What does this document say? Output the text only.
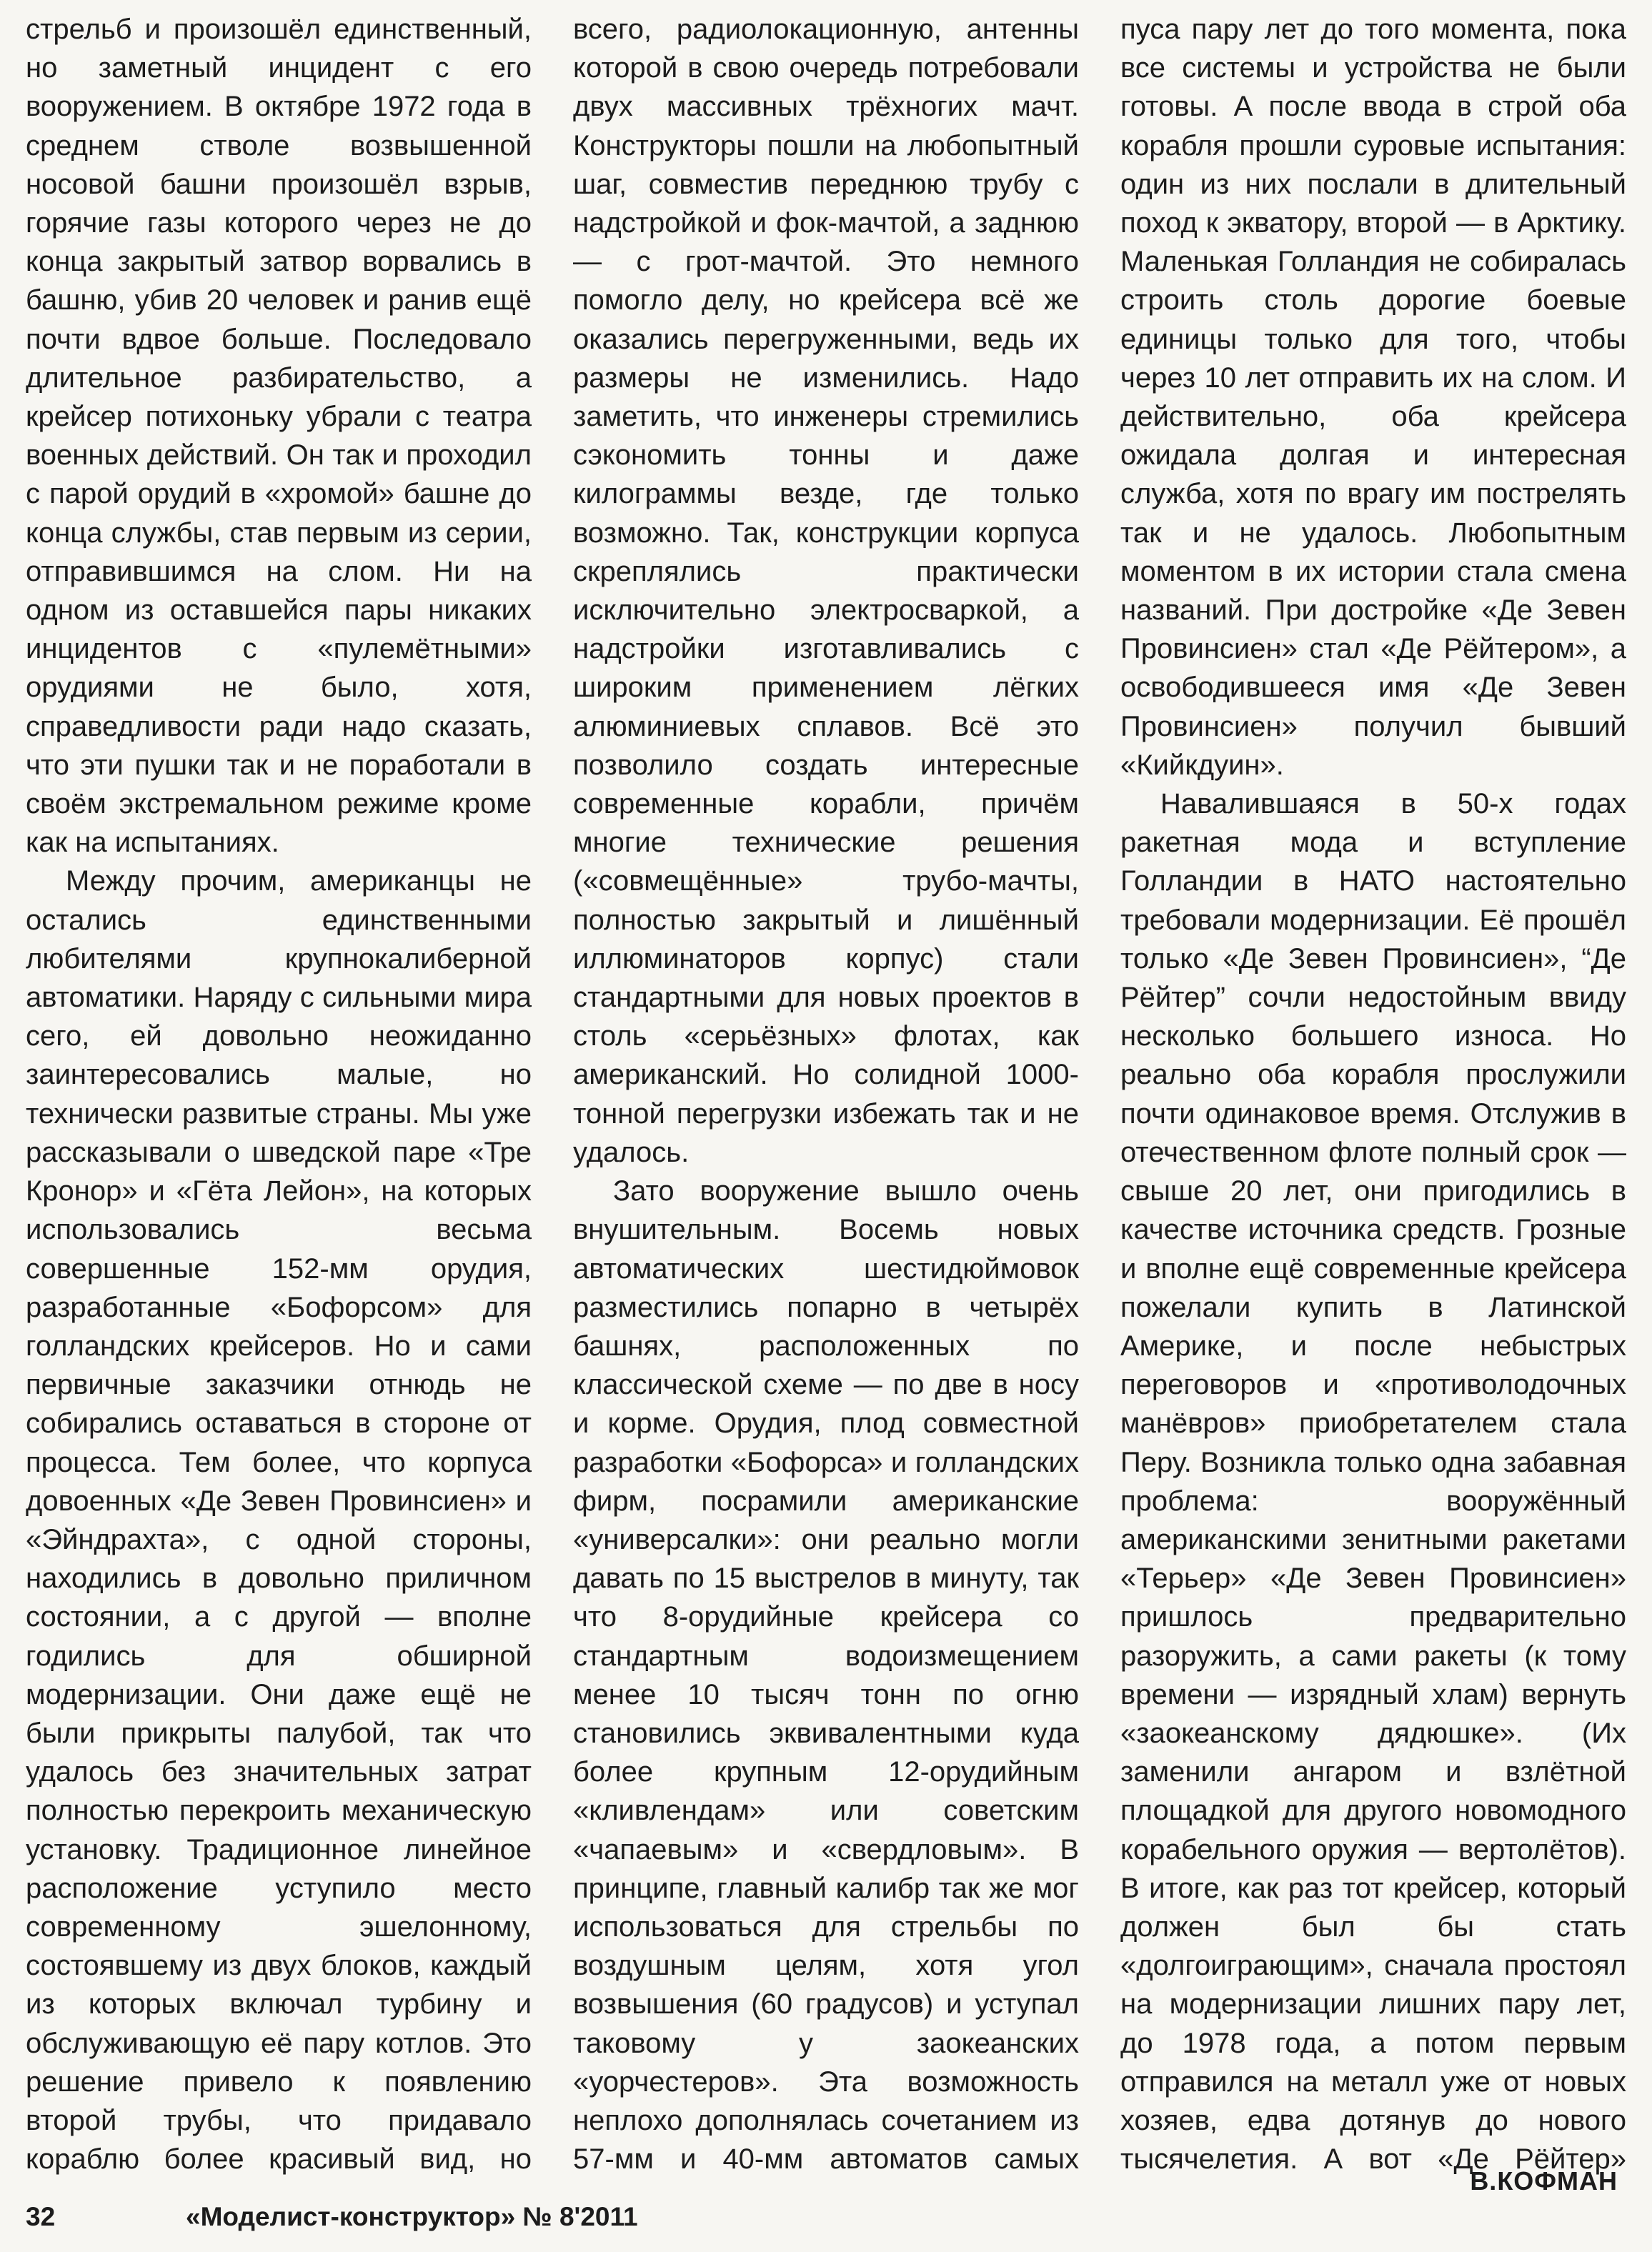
стрельб и произошёл единственный, но заметный инцидент с его вооружением. В октябре 1972 года в среднем стволе возвышенной носовой башни произошёл взрыв, горячие газы которого через не до конца закрытый затвор ворвались в башню, убив 20 человек и ранив ещё почти вдвое больше. Последовало длительное разбирательство, а крейсер потихоньку убрали с театра военных действий. Он так и проходил с парой орудий в «хромой» башне до конца службы, став первым из серии, отправившимся на слом. Ни на одном из оставшейся пары никаких инцидентов с «пулемётными» орудиями не было, хотя, справедливости ради надо сказать, что эти пушки так и не поработали в своём экстремальном режиме кроме как на испытаниях.

Между прочим, американцы не остались единственными любителями крупнокалиберной автоматики. Наряду с сильными мира сего, ей довольно неожиданно заинтересовались малые, но технически развитые страны. Мы уже рассказывали о шведской паре «Тре Кронор» и «Гёта Лейон», на которых использовались весьма совершенные 152-мм орудия, разработанные «Бофорсом» для голландских крейсеров. Но и сами первичные заказчики отнюдь не собирались оставаться в стороне от процесса. Тем более, что корпуса довоенных «Де Зевен Провинсиен» и «Эйндрахта», с одной стороны, находились в довольно приличном состоянии, а с другой — вполне годились для обширной модернизации. Они даже ещё не были прикрыты палубой, так что удалось без значительных затрат полностью перекроить механическую установку. Традиционное линейное расположение уступило место современному эшелонному, состоявшему из двух блоков, каждый из которых включал турбину и обслуживающую её пару котлов. Это решение привело к появлению второй трубы, что придавало кораблю более красивый вид, но

всего, радиолокационную, антенны которой в свою очередь потребовали двух массивных трёхногих мачт. Конструкторы пошли на любопытный шаг, совместив переднюю трубу с надстройкой и фок-мачтой, а заднюю — с грот-мачтой. Это немного помогло делу, но крейсера всё же оказались перегруженными, ведь их размеры не изменились. Надо заметить, что инженеры стремились сэкономить тонны и даже килограммы везде, где только возможно. Так, конструкции корпуса скреплялись практически исключительно электросваркой, а надстройки изготавливались с широким применением лёгких алюминиевых сплавов. Всё это позволило создать интересные современные корабли, причём многие технические решения («совмещённые» трубо-мачты, полностью закрытый и лишённый иллюминаторов корпус) стали стандартными для новых проектов в столь «серьёзных» флотах, как американский. Но солидной 1000-тонной перегрузки избежать так и не удалось.

Зато вооружение вышло очень внушительным. Восемь новых автоматических шестидюймовок разместились попарно в четырёх башнях, расположенных по классической схеме — по две в носу и корме. Орудия, плод совместной разработки «Бофорса» и голландских фирм, посрамили американские «универсалки»: они реально могли давать по 15 выстрелов в минуту, так что 8-орудийные крейсера со стандартным водоизмещением менее 10 тысяч тонн по огню становились эквивалентными куда более крупным 12-орудийным «кливлендам» или советским «чапаевым» и «свердловым». В принципе, главный калибр так же мог использоваться для стрельбы по воздушным целям, хотя угол возвышения (60 градусов) и уступал таковому у заокеанских «уорчестеров». Эта возможность неплохо дополнялась сочетанием из 57-мм и 40-мм автоматов самых

пуса пару лет до того момента, пока все системы и устройства не были готовы. А после ввода в строй оба корабля прошли суровые испытания: один из них послали в длительный поход к экватору, второй — в Арктику. Маленькая Голландия не собиралась строить столь дорогие боевые единицы только для того, чтобы через 10 лет отправить их на слом. И действительно, оба крейсера ожидала долгая и интересная служба, хотя по врагу им пострелять так и не удалось. Любопытным моментом в их истории стала смена названий. При достройке «Де Зевен Провинсиен» стал «Де Рёйтером», а освободившееся имя «Де Зевен Провинсиен» получил бывший «Кийкдуин».

Навалившаяся в 50-х годах ракетная мода и вступление Голландии в НАТО настоятельно требовали модернизации. Её прошёл только «Де Зевен Провинсиен», “Де Рёйтер” сочли недостойным ввиду несколько большего износа. Но реально оба корабля прослужили почти одинаковое время. Отслужив в отечественном флоте полный срок — свыше 20 лет, они пригодились в качестве источника средств. Грозные и вполне ещё современные крейсера пожелали купить в Латинской Америке, и после небыстрых переговоров и «противолодочных манёвров» приобретателем стала Перу. Возникла только одна забавная проблема: вооружённый американскими зенитными ракетами «Терьер» «Де Зевен Провинсиен» пришлось предварительно разоружить, а сами ракеты (к тому времени — изрядный хлам) вернуть «заокеанскому дядюшке». (Их заменили ангаром и взлётной площадкой для другого новомодного корабельного оружия — вертолётов). В итоге, как раз тот крейсер, который должен был бы стать «долгоиграющим», сначала простоял на модернизации лишних пару лет, до 1978 года, а потом первым отправился на металл уже от новых хозяев, едва дотянув до нового тысячелетия. А вот «Де Рёйтер»

В.КОФМАН
32	«Моделист-конструктор» № 8'2011
